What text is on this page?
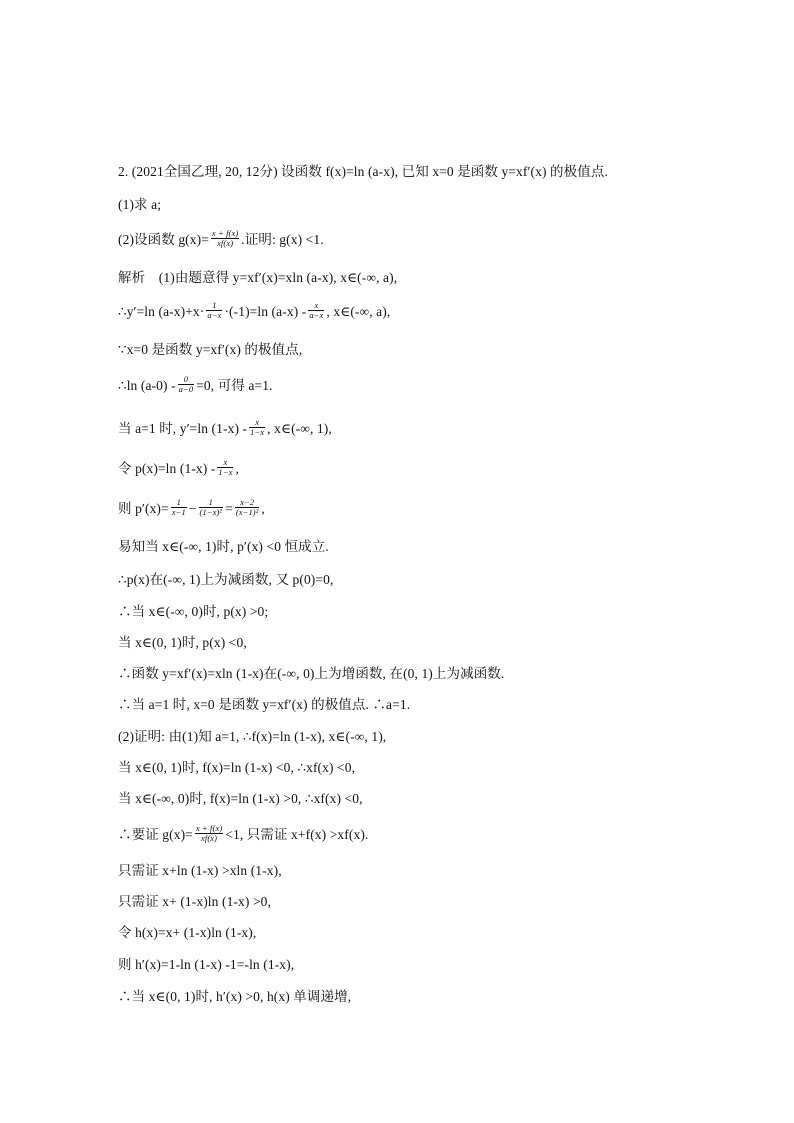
2. (2021全国乙理, 20, 12分) 设函数 f(x)=ln (a-x), 已知 x=0 是函数 y=xf′(x) 的极值点.
(1)求 a;
(2)设函数 $g(x)= \frac{x + f(x)}{xf(x)}$ .证明: g(x) <1.
解析　(1)由题意得 y=xf′(x)=xln (a-x), x∈(-∞, a),
∴y′=ln $(a-x)+x\cdot \frac{1}{a-x} \cdot(-1)=\ln$ $(a-x) - \frac{x}{a-x}$ , x∈(-∞, a),
∵x=0 是函数 y=xf′(x) 的极值点,
∴ln $(a-0) - \frac{0}{a-0} =0$, 可得 a=1.
当 a=1 时, y′=ln $(1-x) - \frac{x}{1-x}$ , x∈(-∞, 1),
令 p(x)=ln $(1-x) - \frac{x}{1-x}$ ,
则 $p'(x)= \frac{1}{x-1} - \frac{1}{\text{(1−x)²}} = \frac{x-2}{\text{(x−1)²}}$ ,
易知当 x∈(-∞, 1)时, p′(x) <0 恒成立.
∴p(x)在(-∞, 1)上为减函数, 又 p(0)=0,
∴当 x∈(-∞, 0)时, p(x) >0;
当 x∈(0, 1)时, p(x) <0,
∴函数 y=xf′(x)=xln (1-x)在(-∞, 0)上为增函数, 在(0, 1)上为减函数.
∴当 a=1 时, x=0 是函数 y=xf′(x) 的极值点. ∴a=1.
(2)证明: 由(1)知 a=1, ∴f(x)=ln (1-x), x∈(-∞, 1),
当 x∈(0, 1)时, f(x)=ln (1-x) <0, ∴xf(x) <0,
当 x∈(-∞, 0)时, f(x)=ln (1-x) >0, ∴xf(x) <0,
∴要证 $g(x)= \frac{x + f(x)}{xf(x)} <1$, 只需证 x+f(x) >xf(x).
只需证 x+ln (1-x) >xln (1-x),
只需证 x+ (1-x)ln (1-x) >0,
令 h(x)=x+ (1-x)ln (1-x),
则 h′(x)=1-ln (1-x) -1=-ln (1-x),
∴当 x∈(0, 1)时, h′(x) >0, h(x) 单调递增,
